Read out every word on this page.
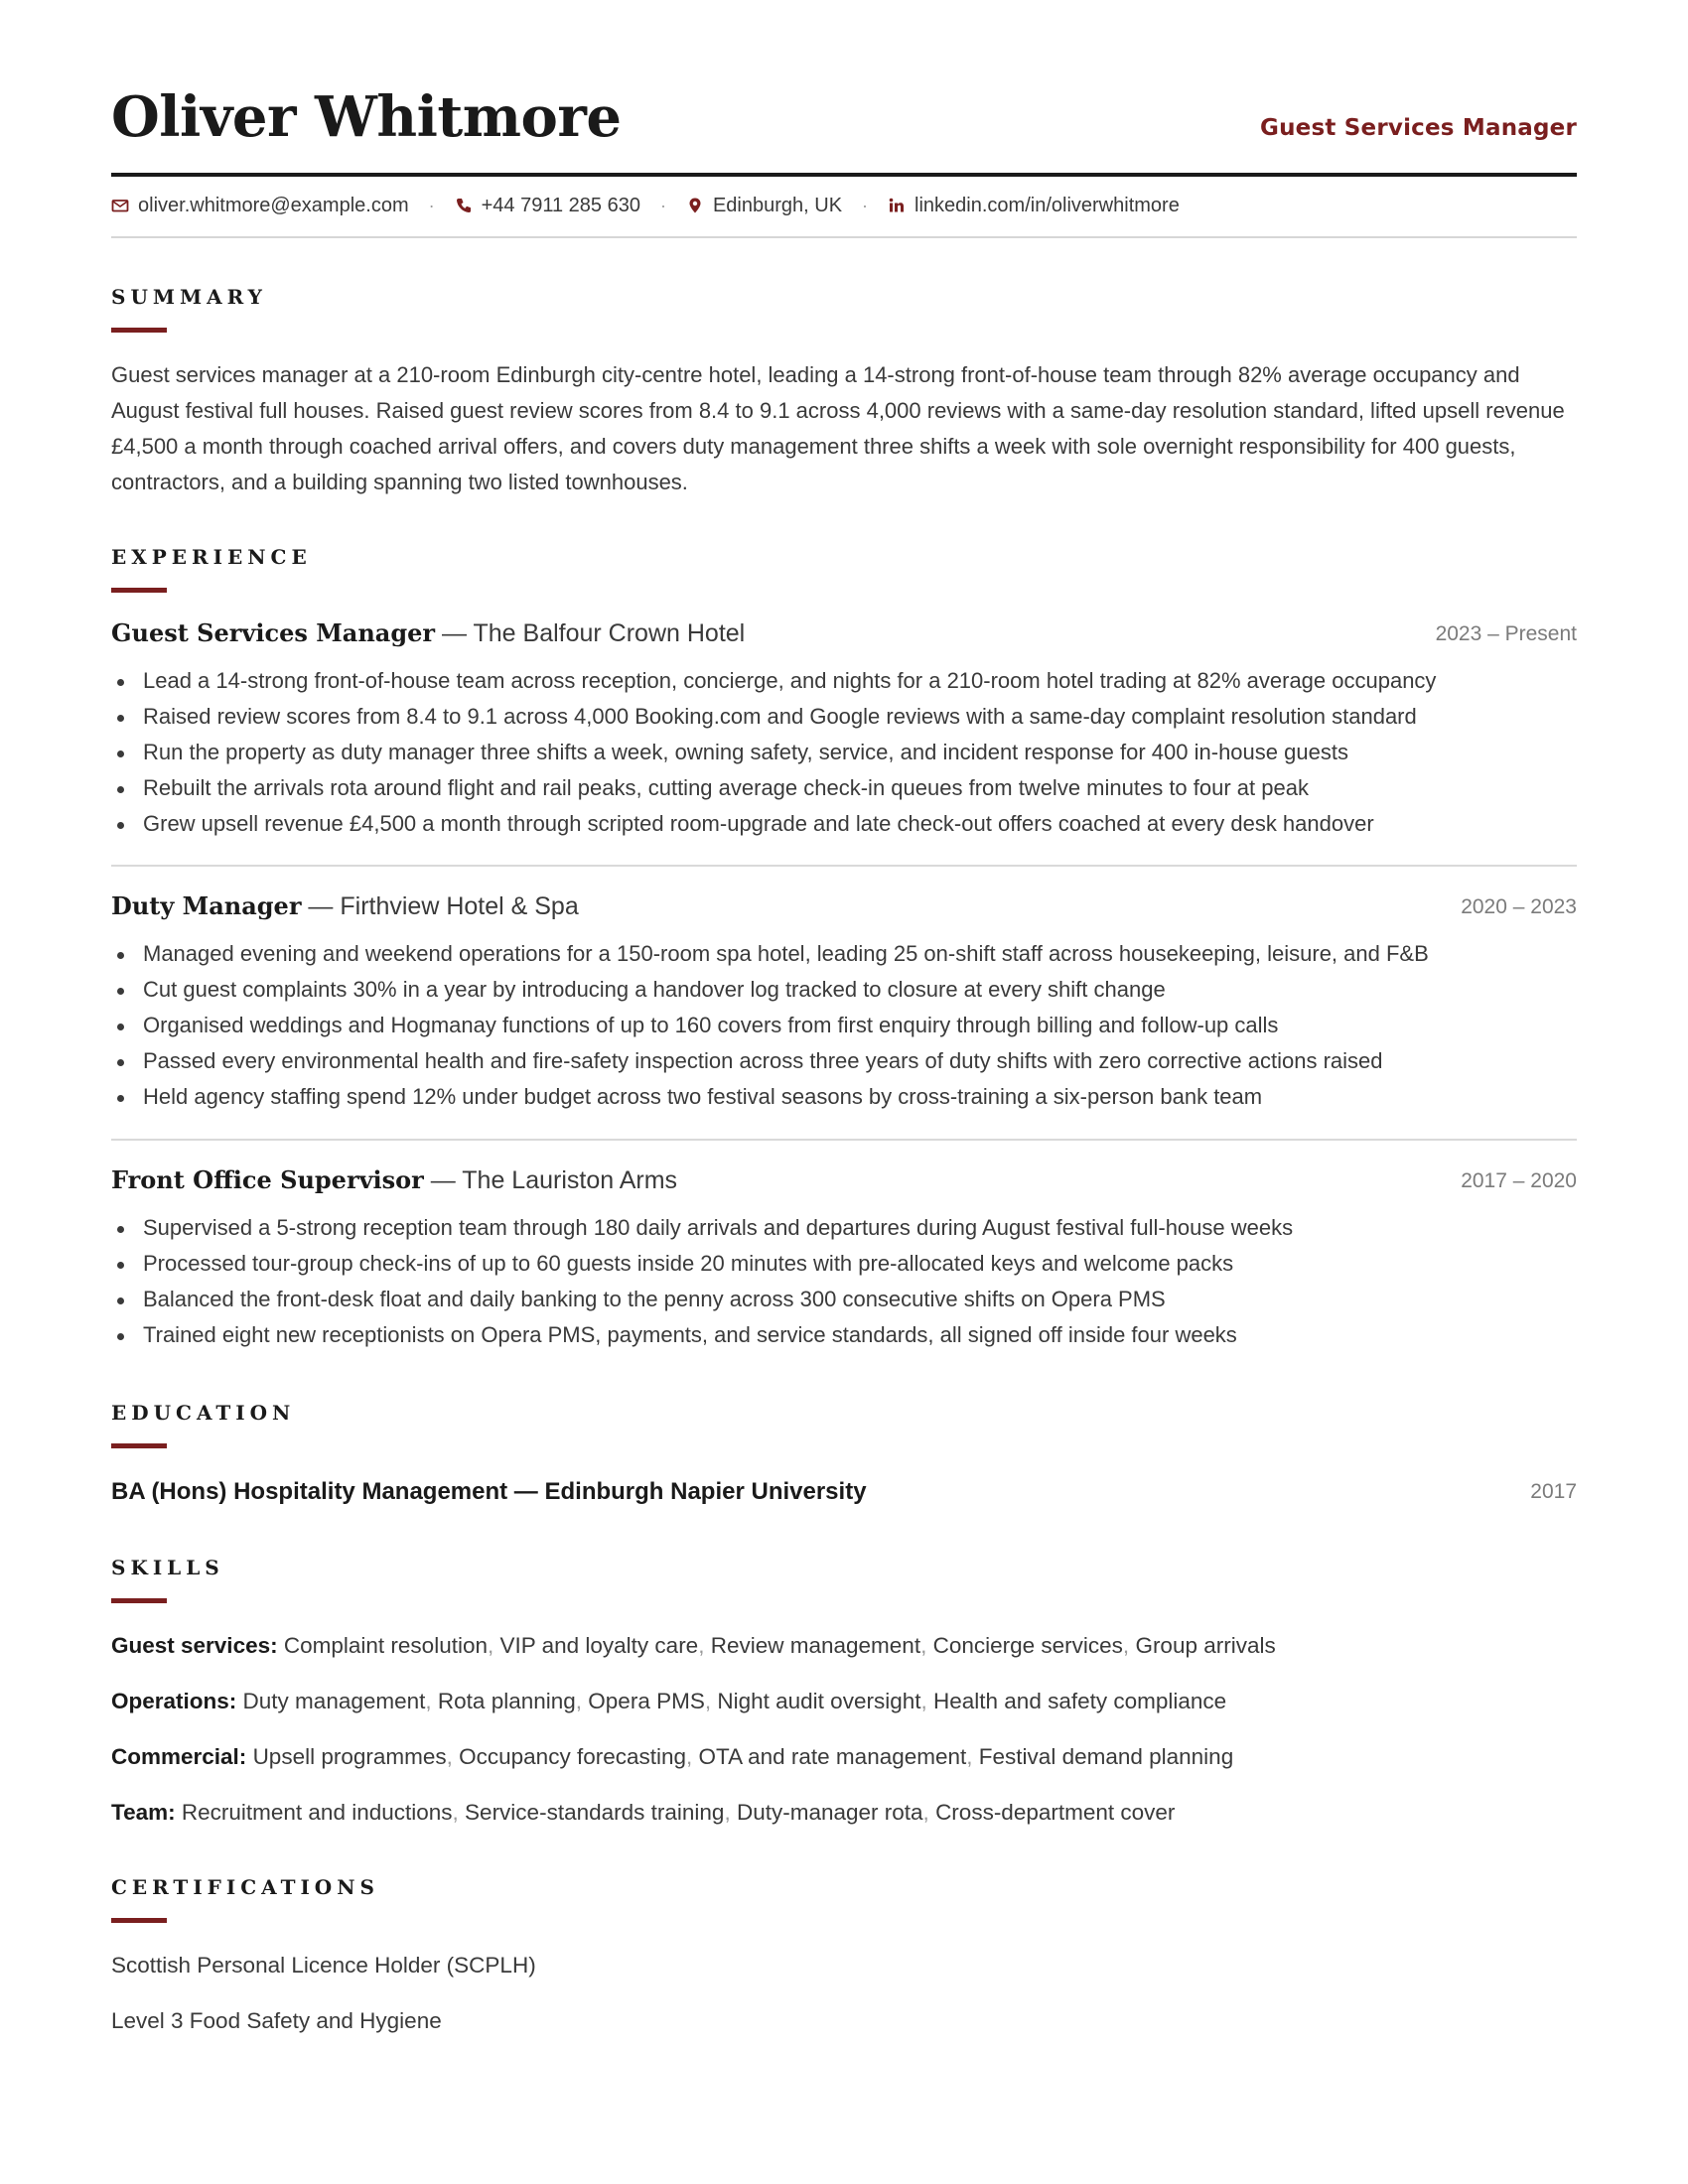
Oliver Whitmore	Guest Services Manager
oliver.whitmore@example.com · +44 7911 285 630 · Edinburgh, UK · linkedin.com/in/oliverwhitmore
SUMMARY

Guest services manager at a 210-room Edinburgh city-centre hotel, leading a 14-strong front-of-house team through 82% average occupancy and August festival full houses. Raised guest review scores from 8.4 to 9.1 across 4,000 reviews with a same-day resolution standard, lifted upsell revenue £4,500 a month through coached arrival offers, and covers duty management three shifts a week with sole overnight responsibility for 400 guests, contractors, and a building spanning two listed townhouses.

EXPERIENCE
Guest Services Manager — The Balfour Crown Hotel	2023 – Present
Lead a 14-strong front-of-house team across reception, concierge, and nights for a 210-room hotel trading at 82% average occupancy
Raised review scores from 8.4 to 9.1 across 4,000 Booking.com and Google reviews with a same-day complaint resolution standard
Run the property as duty manager three shifts a week, owning safety, service, and incident response for 400 in-house guests
Rebuilt the arrivals rota around flight and rail peaks, cutting average check-in queues from twelve minutes to four at peak
Grew upsell revenue £4,500 a month through scripted room-upgrade and late check-out offers coached at every desk handover
Duty Manager — Firthview Hotel & Spa	2020 – 2023
Managed evening and weekend operations for a 150-room spa hotel, leading 25 on-shift staff across housekeeping, leisure, and F&B
Cut guest complaints 30% in a year by introducing a handover log tracked to closure at every shift change
Organised weddings and Hogmanay functions of up to 160 covers from first enquiry through billing and follow-up calls
Passed every environmental health and fire-safety inspection across three years of duty shifts with zero corrective actions raised
Held agency staffing spend 12% under budget across two festival seasons by cross-training a six-person bank team
Front Office Supervisor — The Lauriston Arms	2017 – 2020
Supervised a 5-strong reception team through 180 daily arrivals and departures during August festival full-house weeks
Processed tour-group check-ins of up to 60 guests inside 20 minutes with pre-allocated keys and welcome packs
Balanced the front-desk float and daily banking to the penny across 300 consecutive shifts on Opera PMS
Trained eight new receptionists on Opera PMS, payments, and service standards, all signed off inside four weeks
EDUCATION
BA (Hons) Hospitality Management — Edinburgh Napier University	2017
SKILLS
Guest services: Complaint resolution, VIP and loyalty care, Review management, Concierge services, Group arrivals
Operations: Duty management, Rota planning, Opera PMS, Night audit oversight, Health and safety compliance
Commercial: Upsell programmes, Occupancy forecasting, OTA and rate management, Festival demand planning
Team: Recruitment and inductions, Service-standards training, Duty-manager rota, Cross-department cover
CERTIFICATIONS
Scottish Personal Licence Holder (SCPLH)
Level 3 Food Safety and Hygiene
